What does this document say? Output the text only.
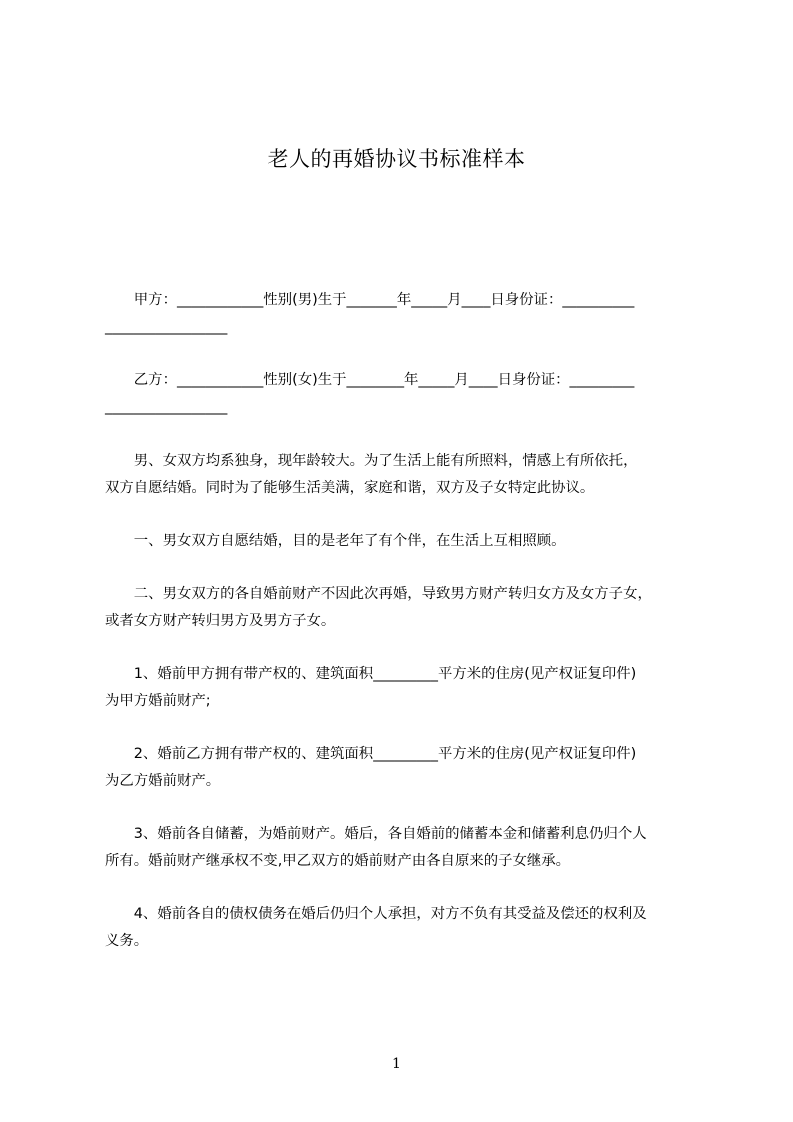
老人的再婚协议书标准样本
　　甲方：____________性别(男)生于_______年_____月____日身份证：__________
_________________
　　乙方：____________性别(女)生于________年_____月____日身份证：_________
_________________
　　男、女双方均系独身，现年龄较大。为了生活上能有所照料，情感上有所依托，
双方自愿结婚。同时为了能够生活美满，家庭和谐，双方及子女特定此协议。
　　一、男女双方自愿结婚，目的是老年了有个伴，在生活上互相照顾。
　　二、男女双方的各自婚前财产不因此次再婚，导致男方财产转归女方及女方子女，
或者女方财产转归男方及男方子女。
　　1、婚前甲方拥有带产权的、建筑面积_________平方米的住房(见产权证复印件)
为甲方婚前财产;
　　2、婚前乙方拥有带产权的、建筑面积_________平方米的住房(见产权证复印件)
为乙方婚前财产。
　　3、婚前各自储蓄，为婚前财产。婚后，各自婚前的储蓄本金和储蓄利息仍归个人
所有。婚前财产继承权不变,甲乙双方的婚前财产由各自原来的子女继承。
　　4、婚前各自的债权债务在婚后仍归个人承担，对方不负有其受益及偿还的权利及
义务。
1
